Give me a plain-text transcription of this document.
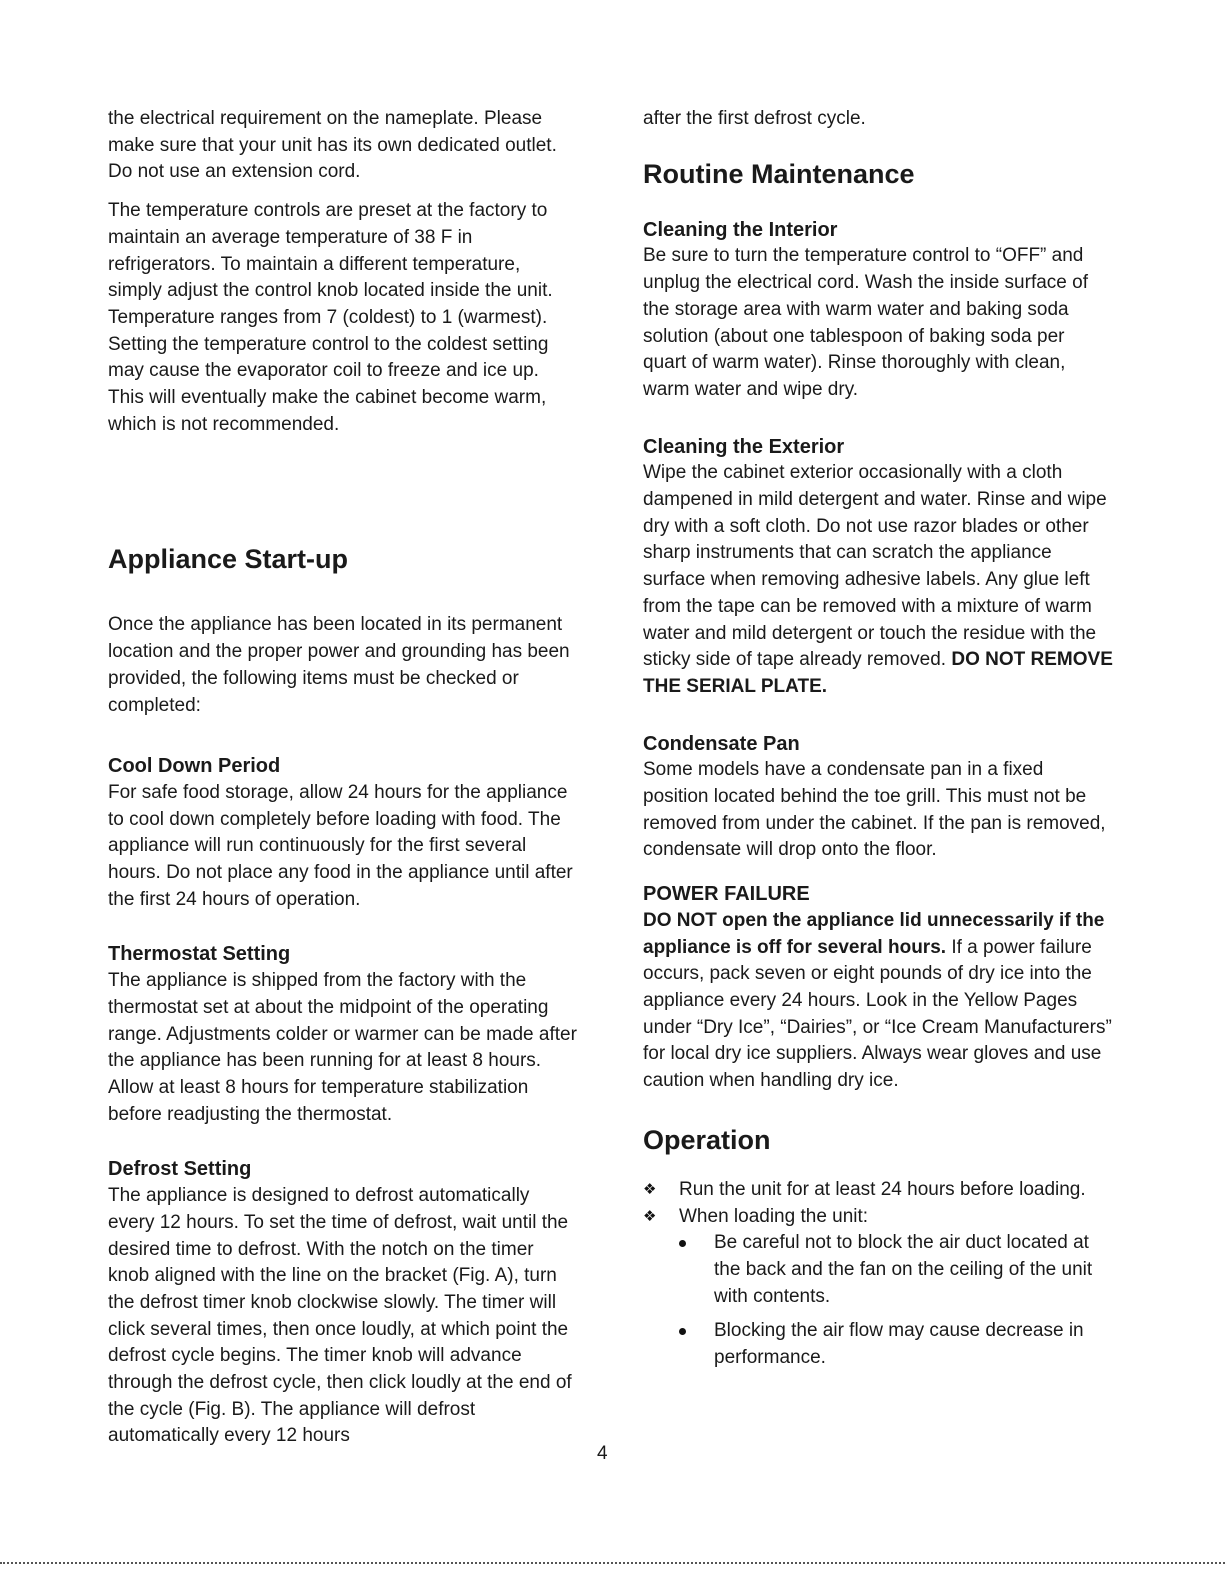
the electrical requirement on the nameplate. Please make sure that your unit has its own dedicated outlet. Do not use an extension cord.

The temperature controls are preset at the factory to maintain an average temperature of 38 F in refrigerators. To maintain a different temperature, simply adjust the control knob located inside the unit. Temperature ranges from 7 (coldest) to 1 (warmest). Setting the temperature control to the coldest setting may cause the evaporator coil to freeze and ice up. This will eventually make the cabinet become warm, which is not recommended.

Appliance Start-up

Once the appliance has been located in its permanent location and the proper power and grounding has been provided, the following items must be checked or completed:

Cool Down Period

For safe food storage, allow 24 hours for the appliance to cool down completely before loading with food. The appliance will run continuously for the first several hours. Do not place any food in the appliance until after the first 24 hours of operation.

Thermostat Setting

The appliance is shipped from the factory with the thermostat set at about the midpoint of the operating range. Adjustments colder or warmer can be made after the appliance has been running for at least 8 hours. Allow at least 8 hours for temperature stabilization before readjusting the thermostat.

Defrost Setting

The appliance is designed to defrost automatically every 12 hours. To set the time of defrost, wait until the desired time to defrost. With the notch on the timer knob aligned with the line on the bracket (Fig. A), turn the defrost timer knob clockwise slowly. The timer will click several times, then once loudly, at which point the defrost cycle begins. The timer knob will advance through the defrost cycle, then click loudly at the end of the cycle (Fig. B). The appliance will defrost automatically every 12 hours

after the first defrost cycle.

Routine Maintenance
Cleaning the Interior

Be sure to turn the temperature control to “OFF” and unplug the electrical cord. Wash the inside surface of the storage area with warm water and baking soda solution (about one tablespoon of baking soda per quart of warm water). Rinse thoroughly with clean, warm water and wipe dry.

Cleaning the Exterior

Wipe the cabinet exterior occasionally with a cloth dampened in mild detergent and water. Rinse and wipe dry with a soft cloth. Do not use razor blades or other sharp instruments that can scratch the appliance surface when removing adhesive labels. Any glue left from the tape can be removed with a mixture of warm water and mild detergent or touch the residue with the sticky side of tape already removed. DO NOT REMOVE THE SERIAL PLATE.

Condensate Pan

Some models have a condensate pan in a fixed position located behind the toe grill. This must not be removed from under the cabinet. If the pan is removed, condensate will drop onto the floor.

POWER FAILURE

DO NOT open the appliance lid unnecessarily if the appliance is off for several hours. If a power failure occurs, pack seven or eight pounds of dry ice into the appliance every 24 hours. Look in the Yellow Pages under “Dry Ice”, “Dairies”, or “Ice Cream Manufacturers” for local dry ice suppliers. Always wear gloves and use caution when handling dry ice.

Operation
❖ Run the unit for at least 24 hours before loading.
❖ When loading the unit:
Be careful not to block the air duct located at the back and the fan on the ceiling of the unit with contents.
Blocking the air flow may cause decrease in performance.
4
